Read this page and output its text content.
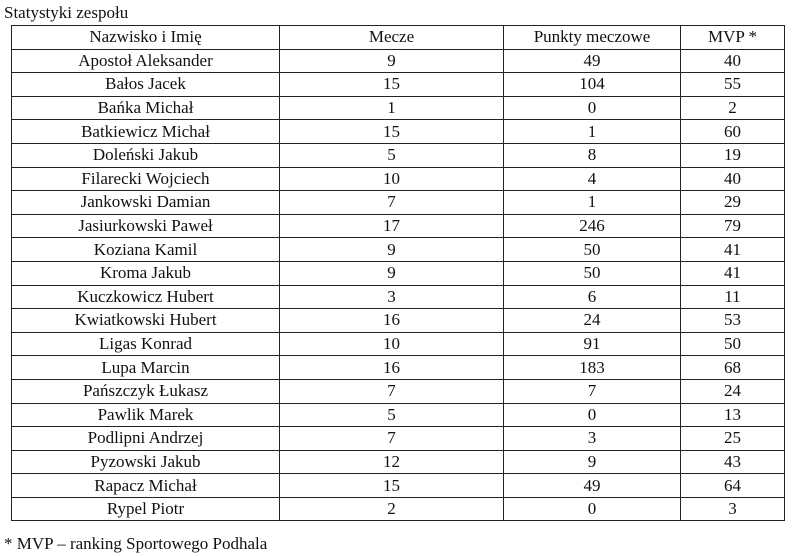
Statystyki zespołu
Nazwisko i Imię	Mecze	Punkty meczowe	MVP *
Apostoł Aleksander	9	49	40
Bałos Jacek	15	104	55
Bańka Michał	1	0	2
Batkiewicz Michał	15	1	60
Doleński Jakub	5	8	19
Filarecki Wojciech	10	4	40
Jankowski Damian	7	1	29
Jasiurkowski Paweł	17	246	79
Koziana Kamil	9	50	41
Kroma Jakub	9	50	41
Kuczkowicz Hubert	3	6	11
Kwiatkowski Hubert	16	24	53
Ligas Konrad	10	91	50
Lupa Marcin	16	183	68
Pańszczyk Łukasz	7	7	24
Pawlik Marek	5	0	13
Podlipni Andrzej	7	3	25
Pyzowski Jakub	12	9	43
Rapacz Michał	15	49	64
Rypel Piotr	2	0	3
* MVP – ranking Sportowego Podhala
